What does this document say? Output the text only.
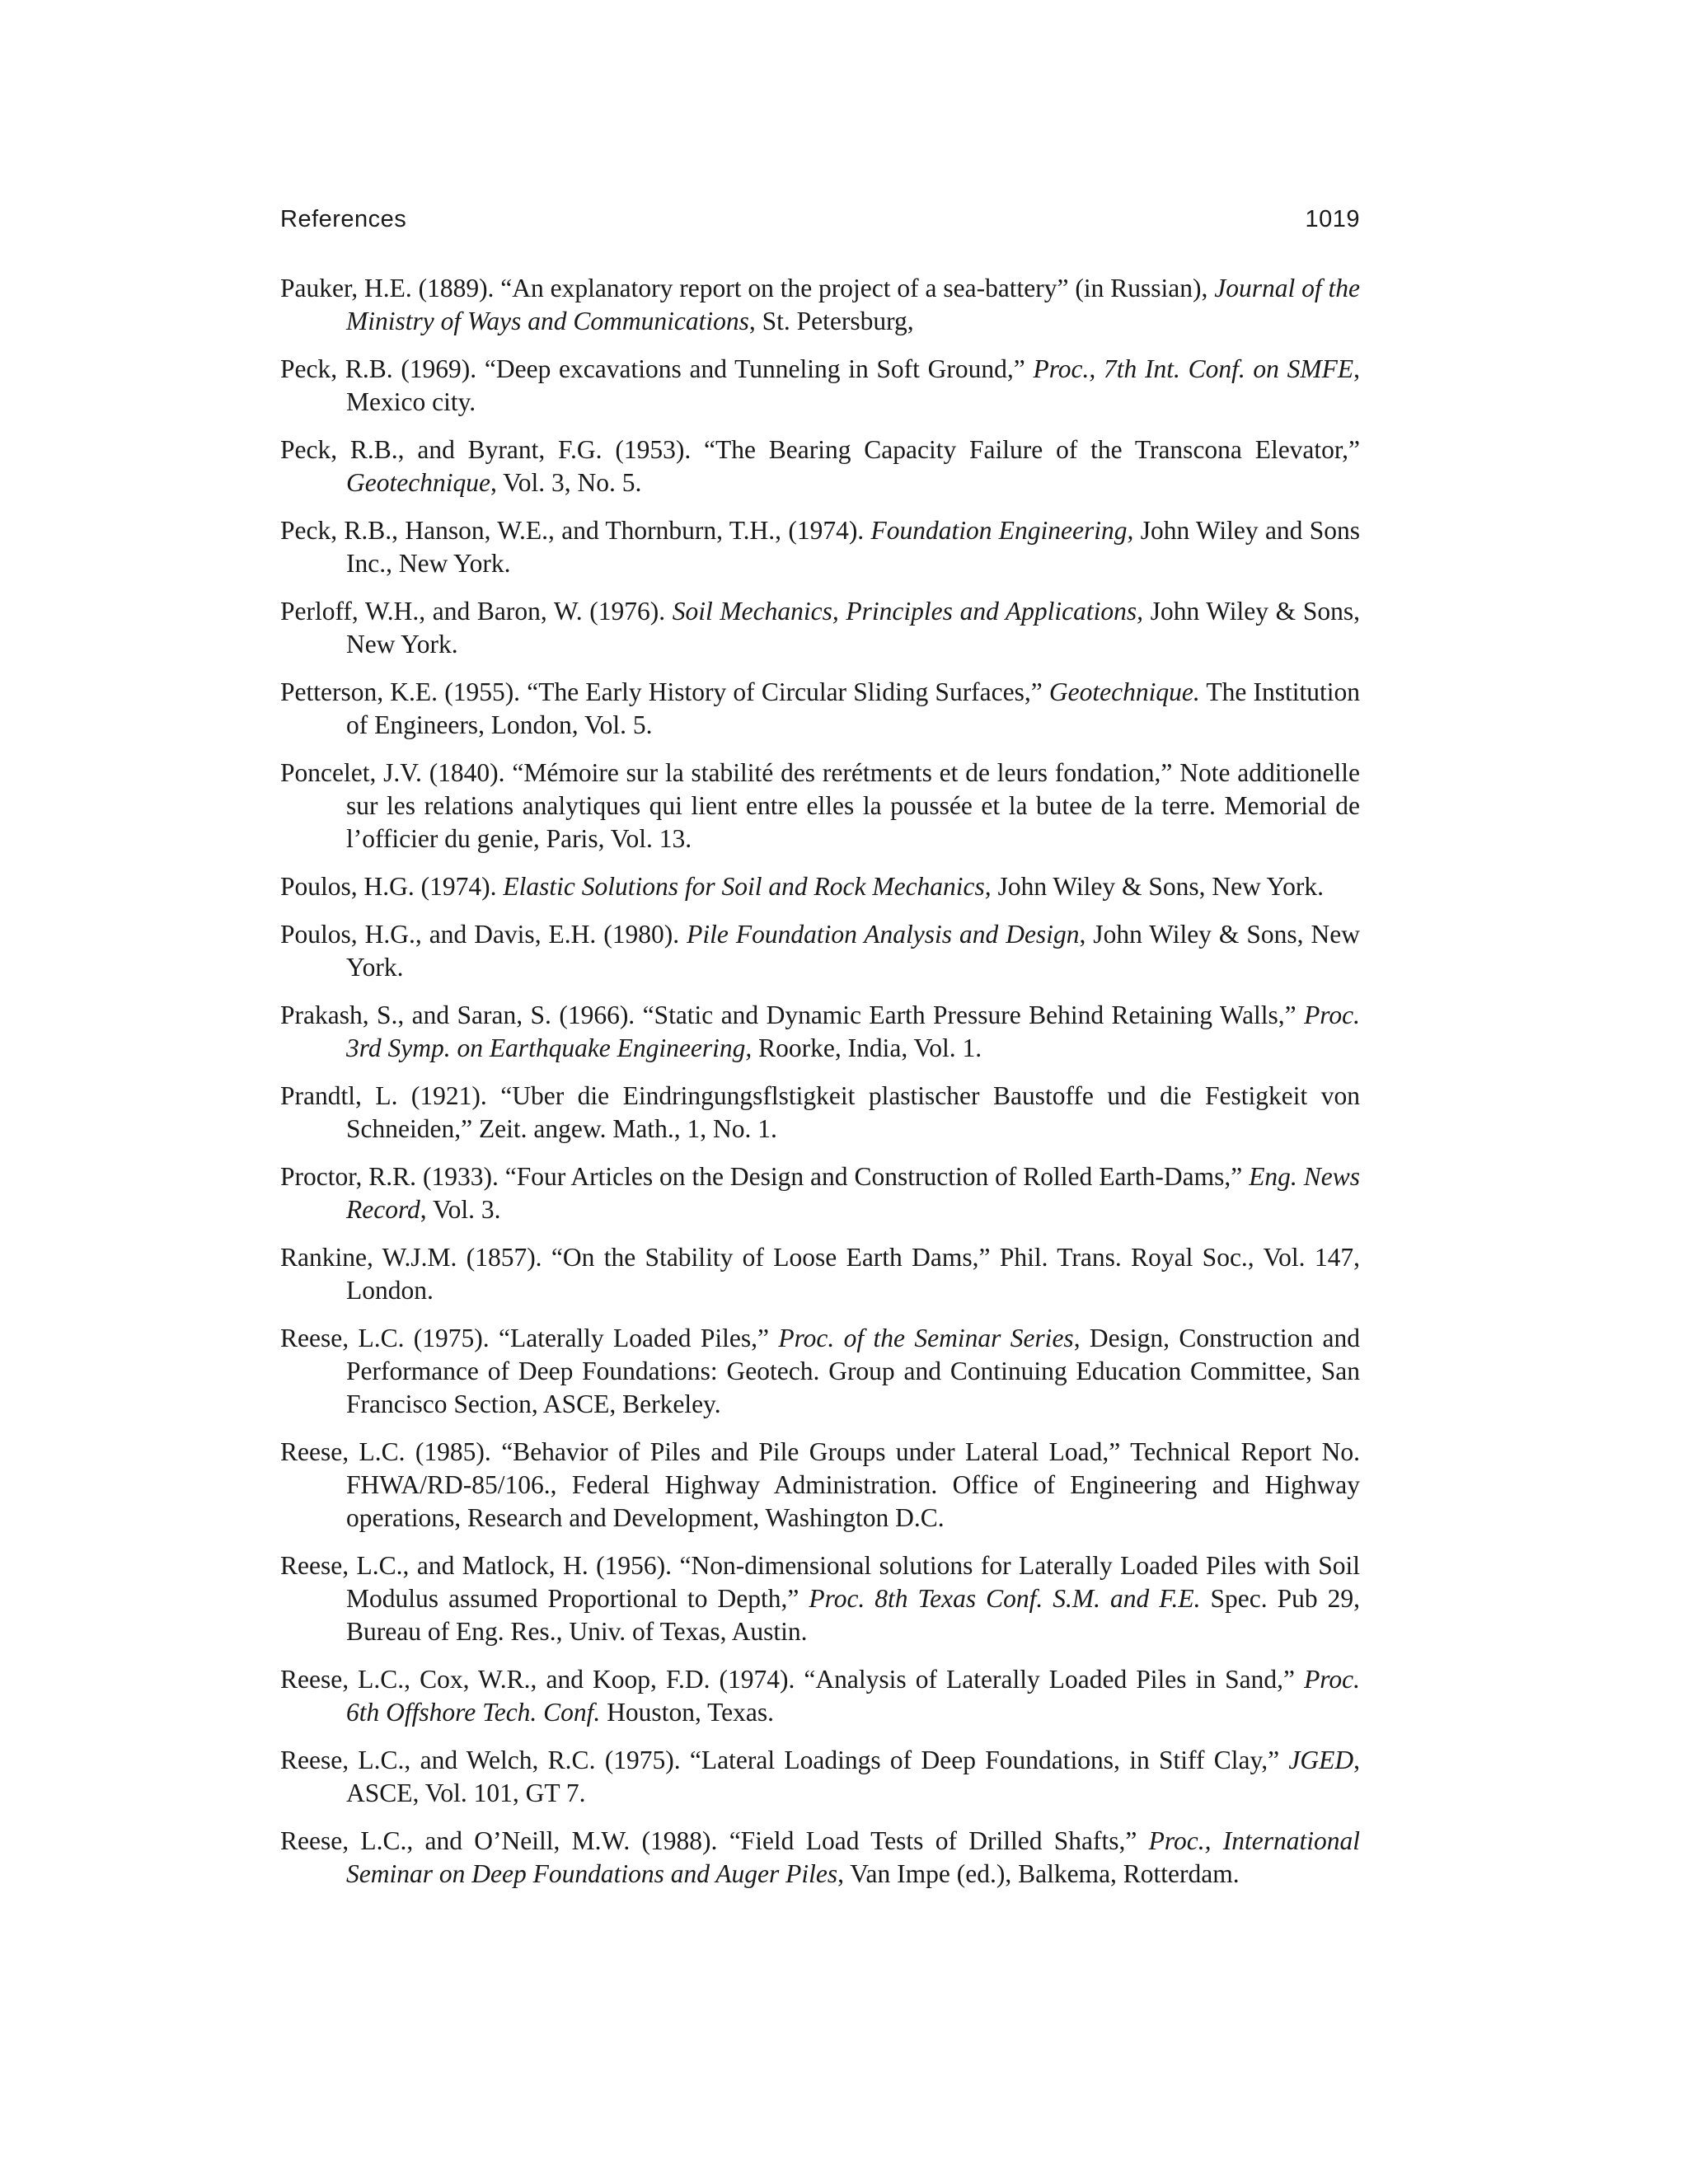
References	1019
Pauker, H.E. (1889). “An explanatory report on the project of a sea-battery” (in Russian), Journal of the Ministry of Ways and Communications, St. Petersburg,
Peck, R.B. (1969). “Deep excavations and Tunneling in Soft Ground,” Proc., 7th Int. Conf. on SMFE, Mexico city.
Peck, R.B., and Byrant, F.G. (1953). “The Bearing Capacity Failure of the Transcona Elevator,” Geotechnique, Vol. 3, No. 5.
Peck, R.B., Hanson, W.E., and Thornburn, T.H., (1974). Foundation Engineering, John Wiley and Sons Inc., New York.
Perloff, W.H., and Baron, W. (1976). Soil Mechanics, Principles and Applications, John Wiley & Sons, New York.
Petterson, K.E. (1955). “The Early History of Circular Sliding Surfaces,” Geotechnique. The Institution of Engineers, London, Vol. 5.
Poncelet, J.V. (1840). “Mémoire sur la stabilité des rerétments et de leurs fondation,” Note additionelle sur les relations analytiques qui lient entre elles la poussée et la butee de la terre. Memorial de l’officier du genie, Paris, Vol. 13.
Poulos, H.G. (1974). Elastic Solutions for Soil and Rock Mechanics, John Wiley & Sons, New York.
Poulos, H.G., and Davis, E.H. (1980). Pile Foundation Analysis and Design, John Wiley & Sons, New York.
Prakash, S., and Saran, S. (1966). “Static and Dynamic Earth Pressure Behind Retaining Walls,” Proc. 3rd Symp. on Earthquake Engineering, Roorke, India, Vol. 1.
Prandtl, L. (1921). “Uber die Eindringungsflstigkeit plastischer Baustoffe und die Festigkeit von Schneiden,” Zeit. angew. Math., 1, No. 1.
Proctor, R.R. (1933). “Four Articles on the Design and Construction of Rolled Earth-Dams,” Eng. News Record, Vol. 3.
Rankine, W.J.M. (1857). “On the Stability of Loose Earth Dams,” Phil. Trans. Royal Soc., Vol. 147, London.
Reese, L.C. (1975). “Laterally Loaded Piles,” Proc. of the Seminar Series, Design, Construction and Performance of Deep Foundations: Geotech. Group and Continuing Education Committee, San Francisco Section, ASCE, Berkeley.
Reese, L.C. (1985). “Behavior of Piles and Pile Groups under Lateral Load,” Technical Report No. FHWA/RD-85/106., Federal Highway Administration. Office of Engineering and Highway operations, Research and Development, Washington D.C.
Reese, L.C., and Matlock, H. (1956). “Non-dimensional solutions for Laterally Loaded Piles with Soil Modulus assumed Proportional to Depth,” Proc. 8th Texas Conf. S.M. and F.E. Spec. Pub 29, Bureau of Eng. Res., Univ. of Texas, Austin.
Reese, L.C., Cox, W.R., and Koop, F.D. (1974). “Analysis of Laterally Loaded Piles in Sand,” Proc. 6th Offshore Tech. Conf. Houston, Texas.
Reese, L.C., and Welch, R.C. (1975). “Lateral Loadings of Deep Foundations, in Stiff Clay,” JGED, ASCE, Vol. 101, GT 7.
Reese, L.C., and O’Neill, M.W. (1988). “Field Load Tests of Drilled Shafts,” Proc., International Seminar on Deep Foundations and Auger Piles, Van Impe (ed.), Balkema, Rotterdam.
